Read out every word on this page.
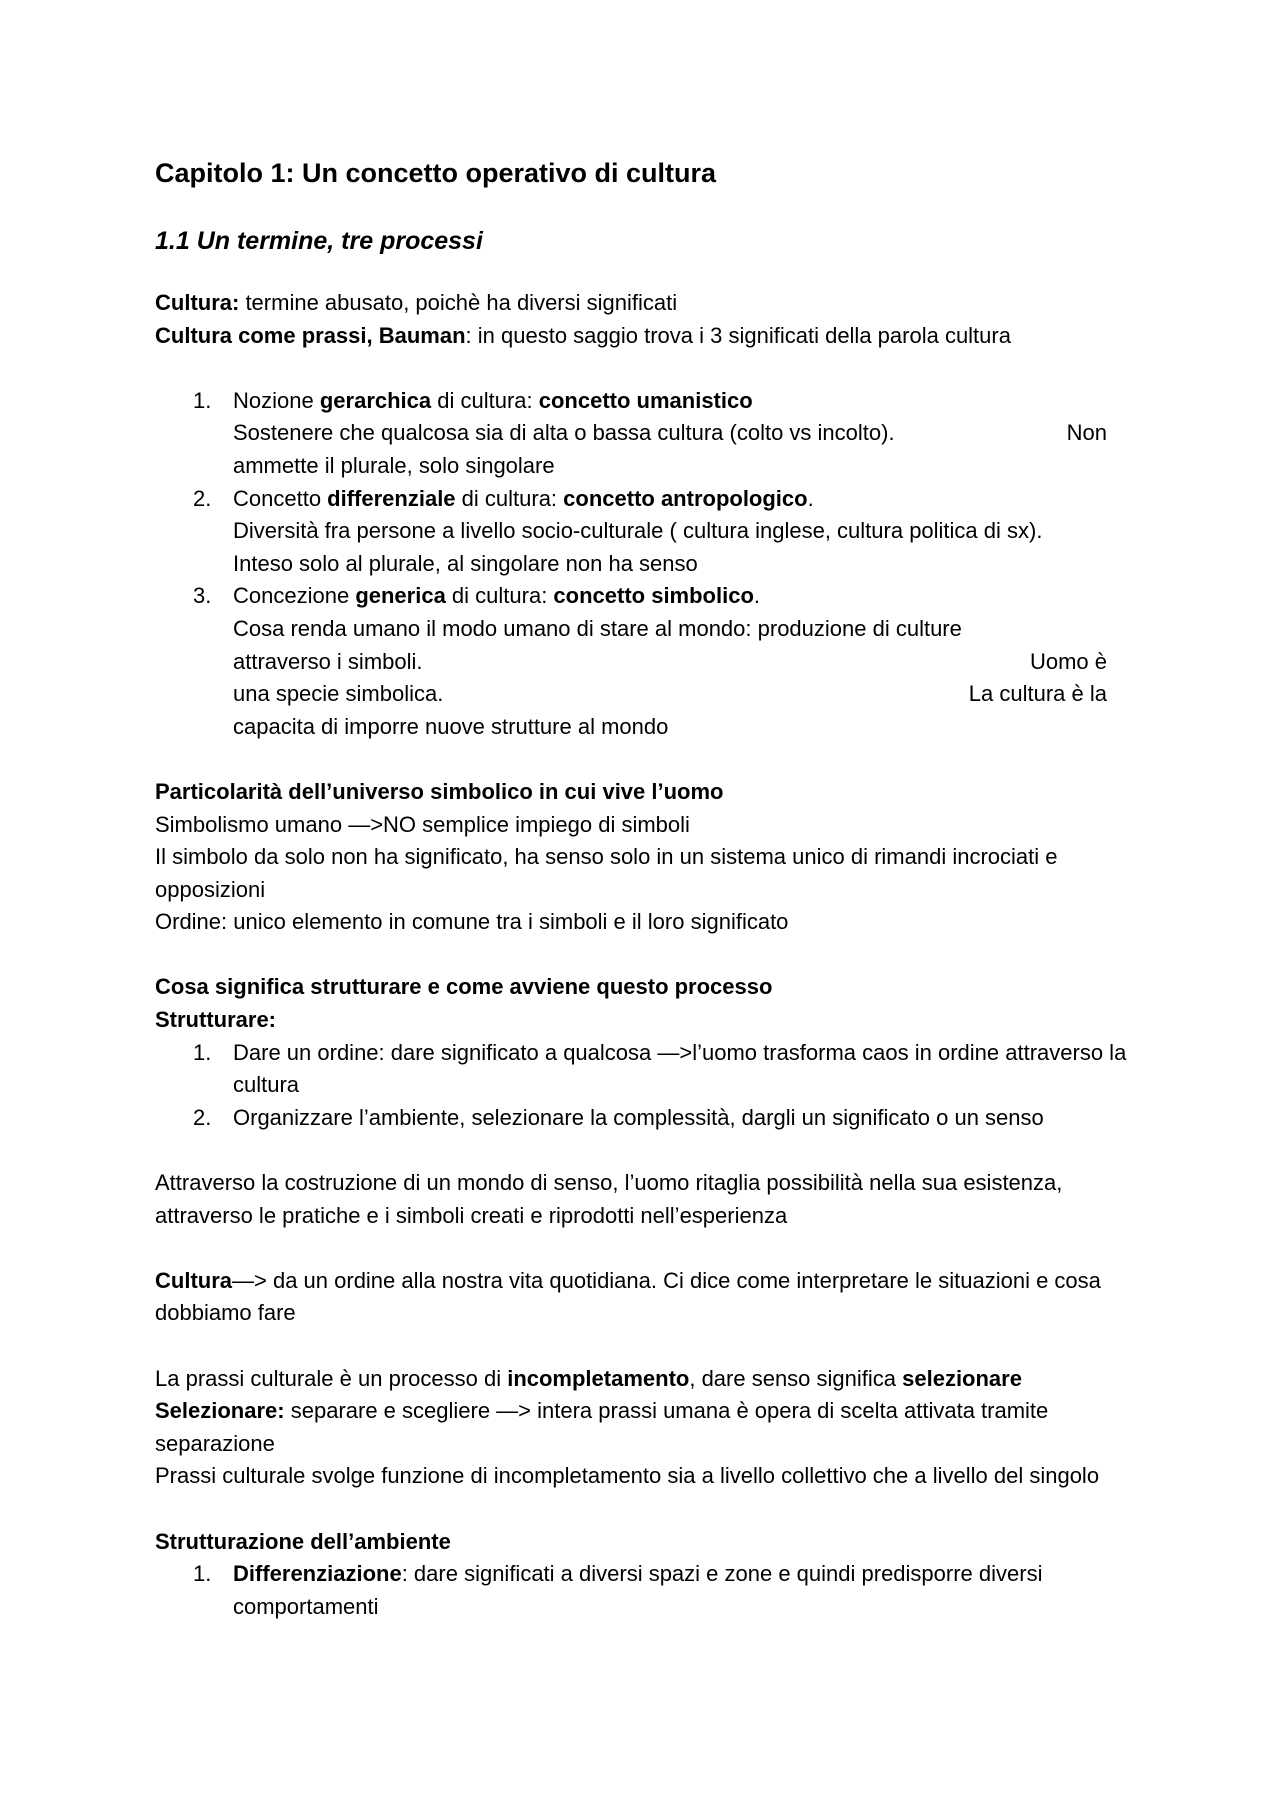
Capitolo 1: Un concetto operativo di cultura
1.1 Un termine, tre processi

Cultura: termine abusato, poichè ha diversi significati

Cultura come prassi, Bauman: in questo saggio trova i 3 significati della parola cultura

1. Nozione gerarchica di cultura: concetto umanistico
Sostenere che qualcosa sia di alta o bassa cultura (colto vs incolto).	Non
ammette il plurale, solo singolare
2. Concetto differenziale di cultura: concetto antropologico.
Diversità fra persone a livello socio-culturale ( cultura inglese, cultura politica di sx).
Inteso solo al plurale, al singolare non ha senso
3. Concezione generica di cultura: concetto simbolico.
Cosa renda umano il modo umano di stare al mondo: produzione di culture
attraverso i simboli.	Uomo è
una specie simbolica.	La cultura è la
capacita di imporre nuove strutture al mondo

Particolarità dell’universo simbolico in cui vive l’uomo

Simbolismo umano —>NO semplice impiego di simboli

Il simbolo da solo non ha significato, ha senso solo in un sistema unico di rimandi incrociati e opposizioni

Ordine: unico elemento in comune tra i simboli e il loro significato

Cosa significa strutturare e come avviene questo processo

Strutturare:

1. Dare un ordine: dare significato a qualcosa —>l’uomo trasforma caos in ordine attraverso la cultura
2. Organizzare l’ambiente, selezionare la complessità, dargli un significato o un senso

Attraverso la costruzione di un mondo di senso, l’uomo ritaglia possibilità nella sua esistenza, attraverso le pratiche e i simboli creati e riprodotti nell’esperienza

Cultura—> da un ordine alla nostra vita quotidiana. Ci dice come interpretare le situazioni e cosa dobbiamo fare

La prassi culturale è un processo di incompletamento, dare senso significa selezionare

Selezionare: separare e scegliere —> intera prassi umana è opera di scelta attivata tramite separazione

Prassi culturale svolge funzione di incompletamento sia a livello collettivo che a livello del singolo

Strutturazione dell’ambiente

1. Differenziazione: dare significati a diversi spazi e zone e quindi predisporre diversi comportamenti
